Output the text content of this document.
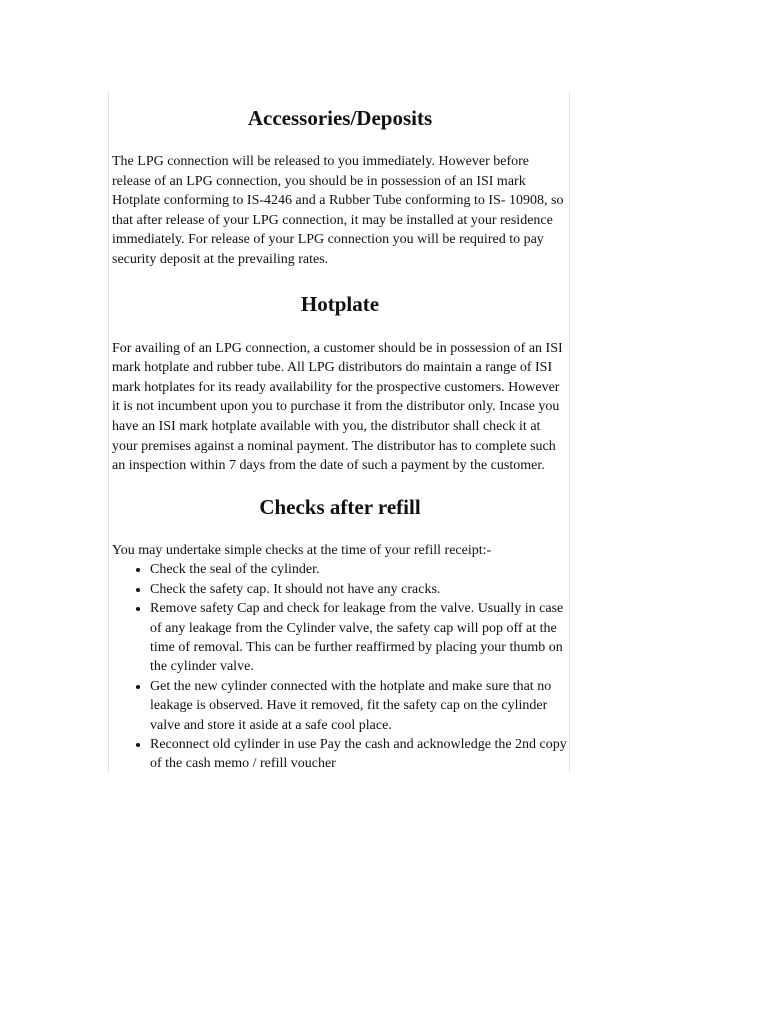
Accessories/Deposits

The LPG connection will be released to you immediately. However before release of an LPG connection, you should be in possession of an ISI mark Hotplate conforming to IS-4246 and a Rubber Tube conforming to IS- 10908, so that after release of your LPG connection, it may be installed at your residence immediately. For release of your LPG connection you will be required to pay security deposit at the prevailing rates.

Hotplate

For availing of an LPG connection, a customer should be in possession of an ISI mark hotplate and rubber tube. All LPG distributors do maintain a range of ISI mark hotplates for its ready availability for the prospective customers. However it is not incumbent upon you to purchase it from the distributor only. Incase you have an ISI mark hotplate available with you, the distributor shall check it at your premises against a nominal payment. The distributor has to complete such an inspection within 7 days from the date of such a payment by the customer.

Checks after refill

You may undertake simple checks at the time of your refill receipt:-

• Check the seal of the cylinder.
• Check the safety cap. It should not have any cracks.
• Remove safety Cap and check for leakage from the valve. Usually in case of any leakage from the Cylinder valve, the safety cap will pop off at the time of removal. This can be further reaffirmed by placing your thumb on the cylinder valve.
• Get the new cylinder connected with the hotplate and make sure that no leakage is observed. Have it removed, fit the safety cap on the cylinder valve and store it aside at a safe cool place.
• Reconnect old cylinder in use Pay the cash and acknowledge the 2nd copy of the cash memo / refill voucher
